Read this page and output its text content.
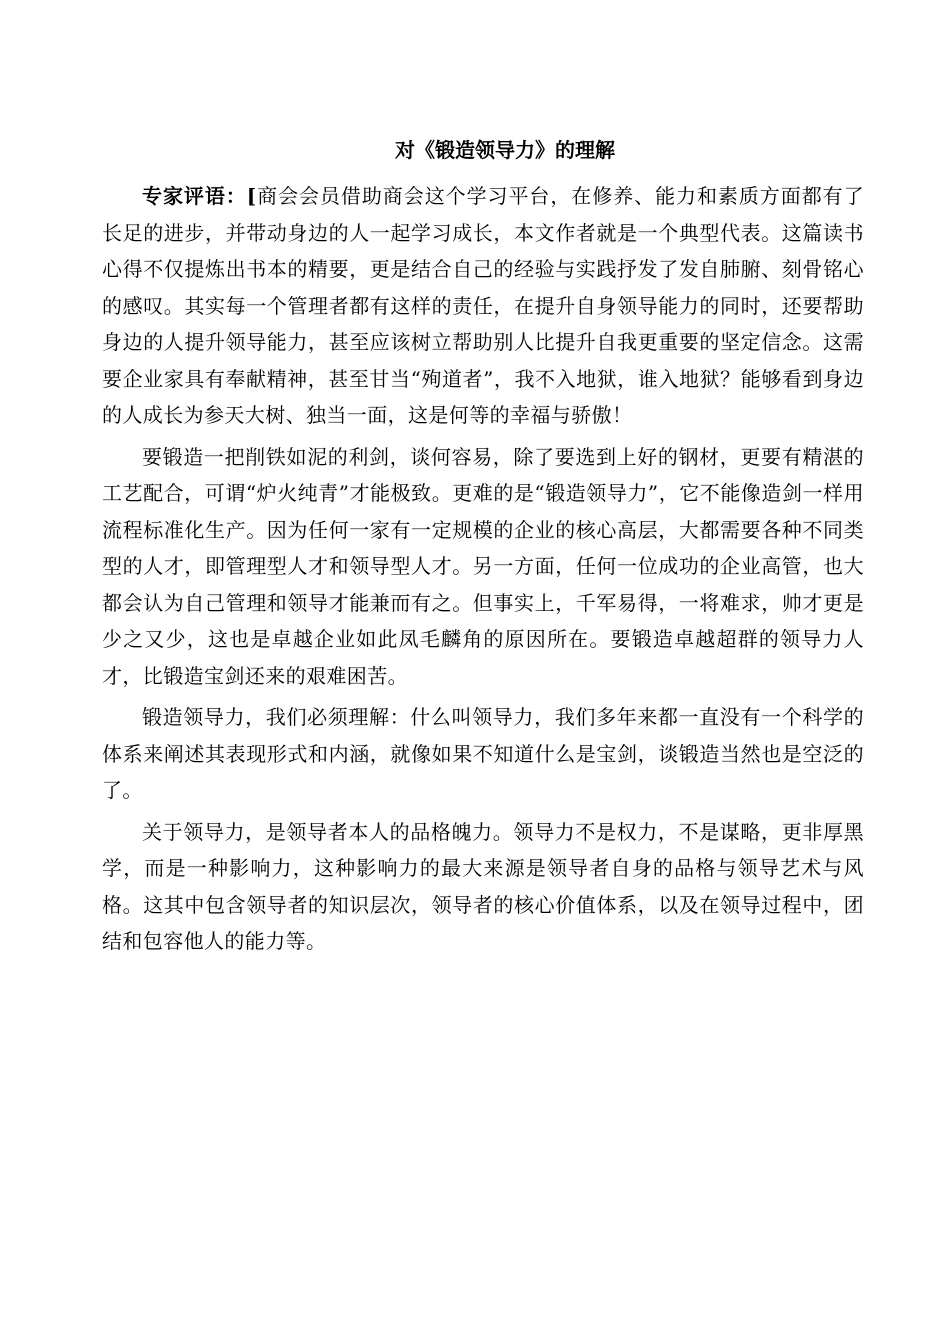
对《锻造领导力》的理解

专家评语：[商会会员借助商会这个学习平台，在修养、能力和素质方面都有了长足的进步，并带动身边的人一起学习成长，本文作者就是一个典型代表。这篇读书心得不仅提炼出书本的精要，更是结合自己的经验与实践抒发了发自肺腑、刻骨铭心的感叹。其实每一个管理者都有这样的责任，在提升自身领导能力的同时，还要帮助身边的人提升领导能力，甚至应该树立帮助别人比提升自我更重要的坚定信念。这需要企业家具有奉献精神，甚至甘当“殉道者”，我不入地狱，谁入地狱？能够看到身边的人成长为参天大树、独当一面，这是何等的幸福与骄傲！

要锻造一把削铁如泥的利剑，谈何容易，除了要选到上好的钢材，更要有精湛的工艺配合，可谓“炉火纯青”才能极致。更难的是“锻造领导力”，它不能像造剑一样用流程标准化生产。因为任何一家有一定规模的企业的核心高层，大都需要各种不同类型的人才，即管理型人才和领导型人才。另一方面，任何一位成功的企业高管，也大都会认为自己管理和领导才能兼而有之。但事实上，千军易得，一将难求，帅才更是少之又少，这也是卓越企业如此凤毛麟角的原因所在。要锻造卓越超群的领导力人才，比锻造宝剑还来的艰难困苦。

锻造领导力，我们必须理解：什么叫领导力，我们多年来都一直没有一个科学的体系来阐述其表现形式和内涵，就像如果不知道什么是宝剑，谈锻造当然也是空泛的了。

关于领导力，是领导者本人的品格魄力。领导力不是权力，不是谋略，更非厚黑学，而是一种影响力，这种影响力的最大来源是领导者自身的品格与领导艺术与风格。这其中包含领导者的知识层次，领导者的核心价值体系，以及在领导过程中，团结和包容他人的能力等。
